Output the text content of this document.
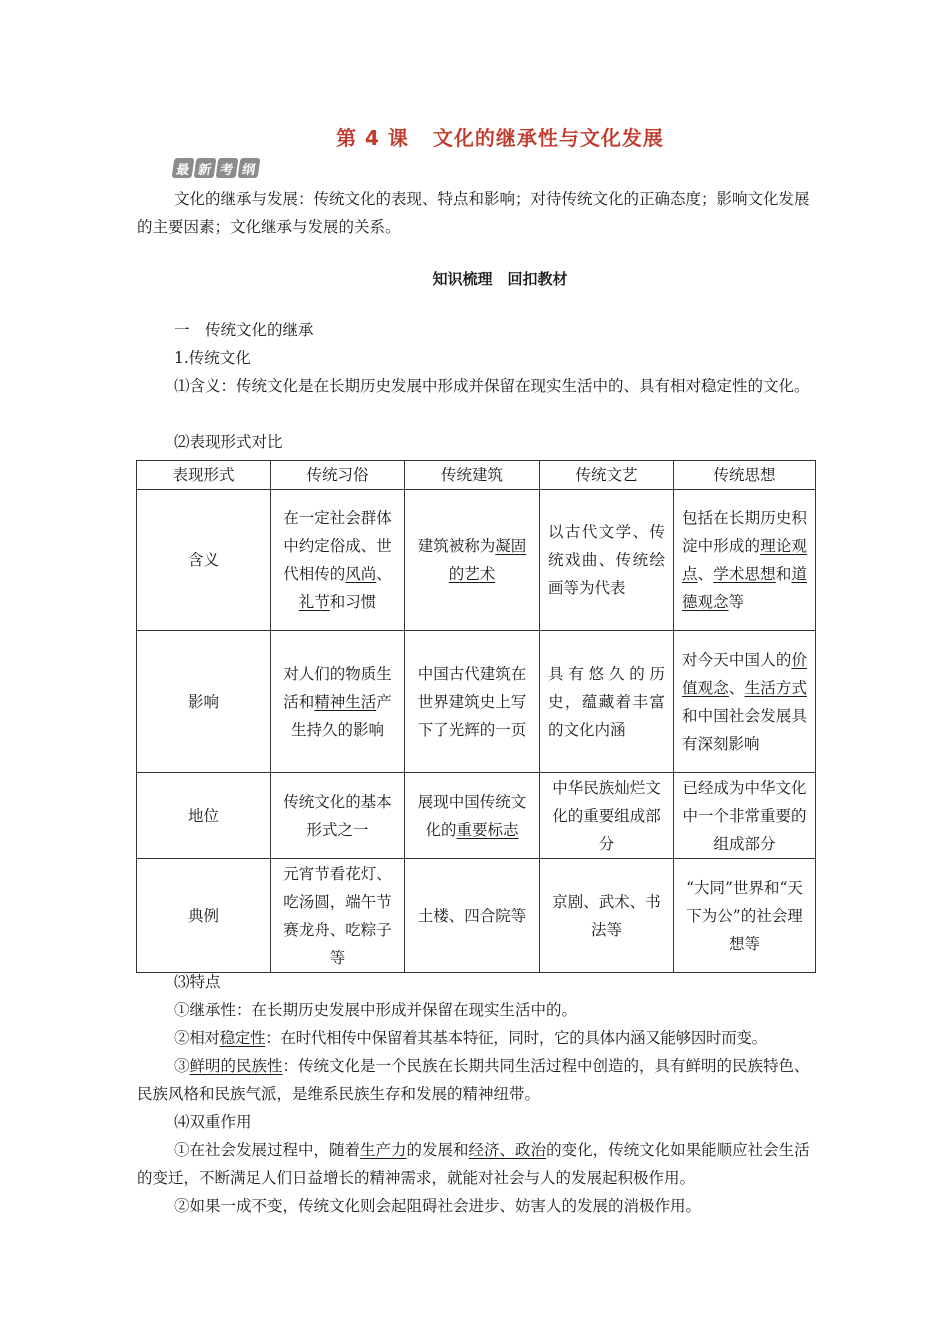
第 4 课 文化的继承性与文化发展
最 新 考 纲
文化的继承与发展：传统文化的表现、特点和影响；对待传统文化的正确态度；影响文化发展的主要因素；文化继承与发展的关系。
知识梳理　回扣教材
一　传统文化的继承
1.传统文化
⑴含义：传统文化是在长期历史发展中形成并保留在现实生活中的、具有相对稳定性的文化。
⑵表现形式对比
表现形式	传统习俗	传统建筑	传统文艺	传统思想
含义	在一定社会群体中约定俗成、世代相传的风尚、礼节和习惯	建筑被称为凝固的艺术	以古代文学、传统戏曲、传统绘画等为代表	包括在长期历史积淀中形成的理论观点、学术思想和道德观念等
影响	对人们的物质生活和精神生活产生持久的影响	中国古代建筑在世界建筑史上写下了光辉的一页	具有悠久的历史，蕴藏着丰富的文化内涵	对今天中国人的价值观念、生活方式和中国社会发展具有深刻影响
地位	传统文化的基本形式之一	展现中国传统文化的重要标志	中华民族灿烂文化的重要组成部分	已经成为中华文化中一个非常重要的组成部分
典例	元宵节看花灯、吃汤圆，端午节赛龙舟、吃粽子等	土楼、四合院等	京剧、武术、书法等	“大同”世界和“天下为公”的社会理想等
⑶特点
①继承性：在长期历史发展中形成并保留在现实生活中的。
②相对稳定性：在时代相传中保留着其基本特征，同时，它的具体内涵又能够因时而变。
③鲜明的民族性：传统文化是一个民族在长期共同生活过程中创造的，具有鲜明的民族特色、民族风格和民族气派，是维系民族生存和发展的精神纽带。
⑷双重作用
①在社会发展过程中，随着生产力的发展和经济、政治的变化，传统文化如果能顺应社会生活的变迁，不断满足人们日益增长的精神需求，就能对社会与人的发展起积极作用。
②如果一成不变，传统文化则会起阻碍社会进步、妨害人的发展的消极作用。
